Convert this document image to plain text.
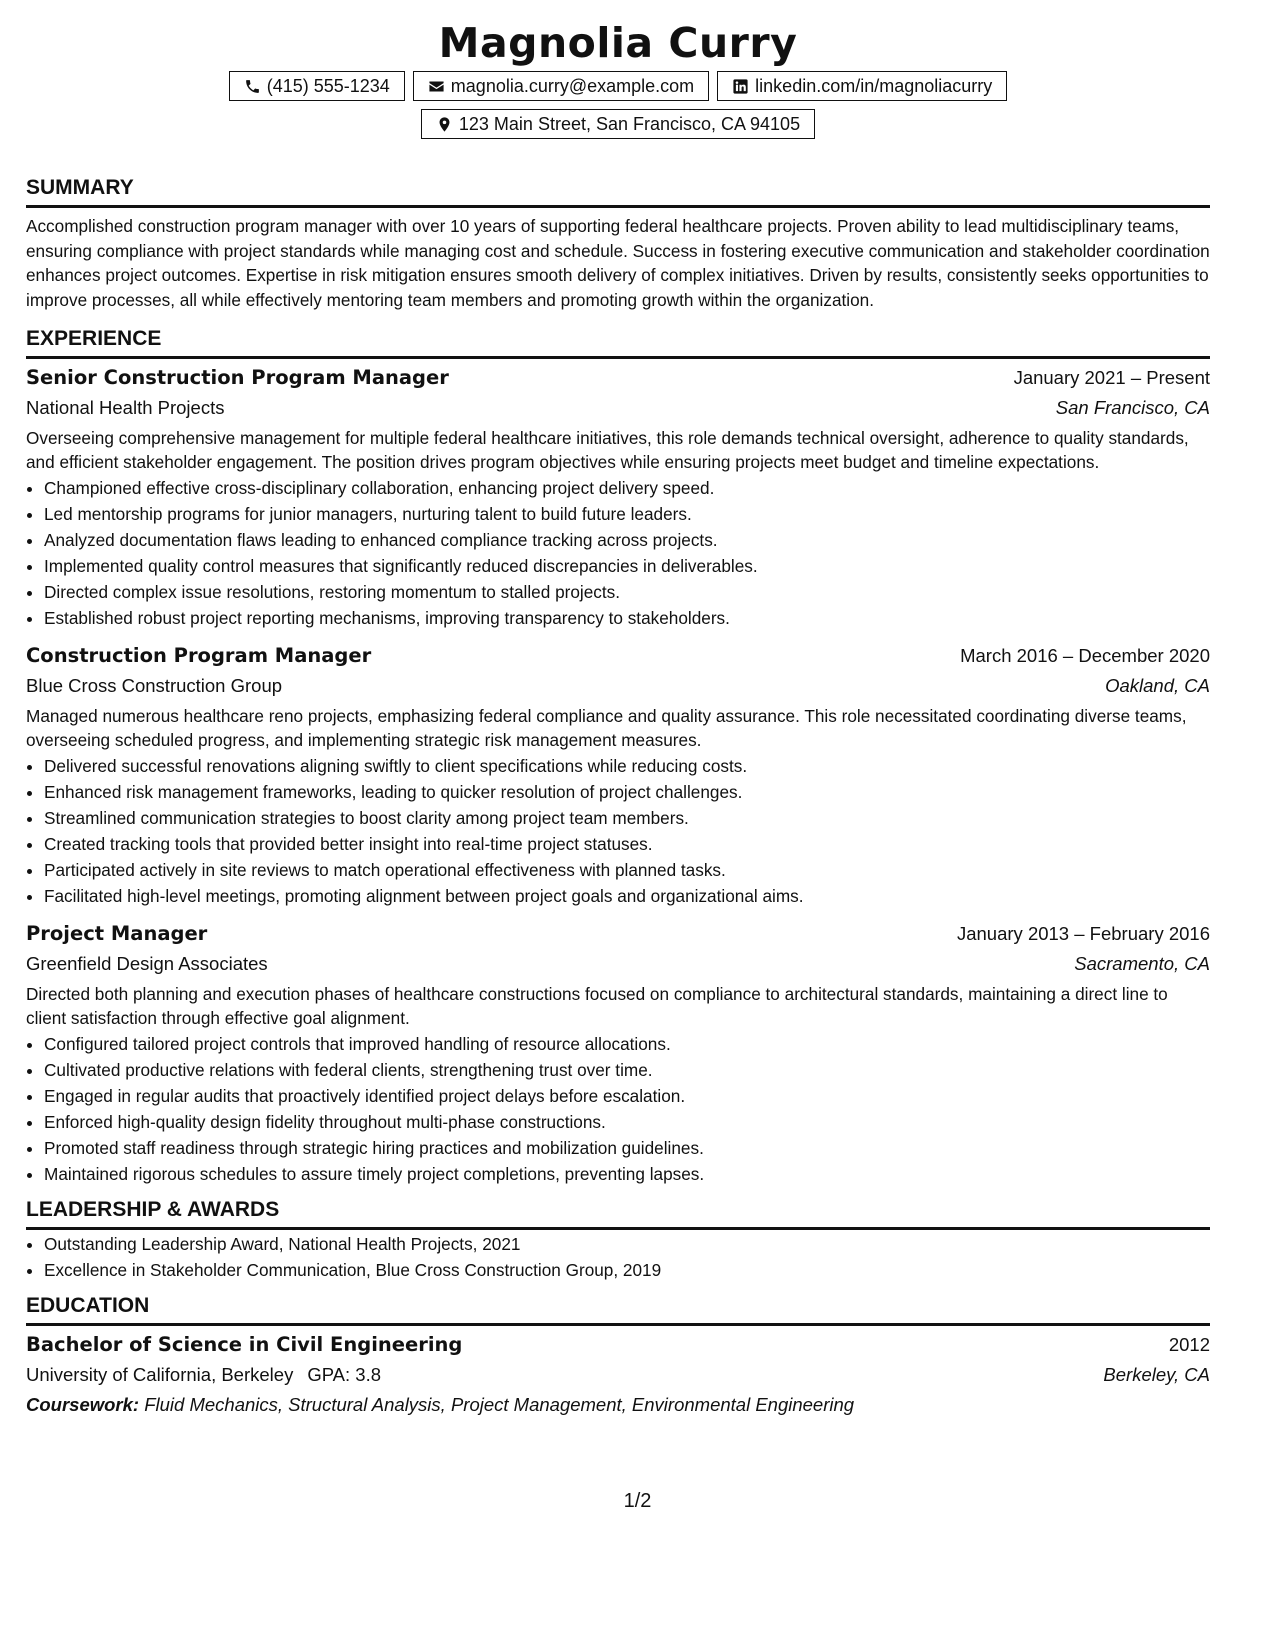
Magnolia Curry
(415) 555-1234	magnolia.curry@example.com	linkedin.com/in/magnoliacurry
123 Main Street, San Francisco, CA 94105
SUMMARY

Accomplished construction program manager with over 10 years of supporting federal healthcare projects. Proven ability to lead multidisciplinary teams, ensuring compliance with project standards while managing cost and schedule. Success in fostering executive communication and stakeholder coordination enhances project outcomes. Expertise in risk mitigation ensures smooth delivery of complex initiatives. Driven by results, consistently seeks opportunities to improve processes, all while effectively mentoring team members and promoting growth within the organization.

EXPERIENCE
Senior Construction Program Manager	January 2021 – Present
National Health Projects	San Francisco, CA

Overseeing comprehensive management for multiple federal healthcare initiatives, this role demands technical oversight, adherence to quality standards, and efficient stakeholder engagement. The position drives program objectives while ensuring projects meet budget and timeline expectations.

• Championed effective cross-disciplinary collaboration, enhancing project delivery speed.
• Led mentorship programs for junior managers, nurturing talent to build future leaders.
• Analyzed documentation flaws leading to enhanced compliance tracking across projects.
• Implemented quality control measures that significantly reduced discrepancies in deliverables.
• Directed complex issue resolutions, restoring momentum to stalled projects.
• Established robust project reporting mechanisms, improving transparency to stakeholders.
Construction Program Manager	March 2016 – December 2020
Blue Cross Construction Group	Oakland, CA

Managed numerous healthcare reno projects, emphasizing federal compliance and quality assurance. This role necessitated coordinating diverse teams, overseeing scheduled progress, and implementing strategic risk management measures.

• Delivered successful renovations aligning swiftly to client specifications while reducing costs.
• Enhanced risk management frameworks, leading to quicker resolution of project challenges.
• Streamlined communication strategies to boost clarity among project team members.
• Created tracking tools that provided better insight into real-time project statuses.
• Participated actively in site reviews to match operational effectiveness with planned tasks.
• Facilitated high-level meetings, promoting alignment between project goals and organizational aims.
Project Manager	January 2013 – February 2016
Greenfield Design Associates	Sacramento, CA

Directed both planning and execution phases of healthcare constructions focused on compliance to architectural standards, maintaining a direct line to client satisfaction through effective goal alignment.

• Configured tailored project controls that improved handling of resource allocations.
• Cultivated productive relations with federal clients, strengthening trust over time.
• Engaged in regular audits that proactively identified project delays before escalation.
• Enforced high-quality design fidelity throughout multi-phase constructions.
• Promoted staff readiness through strategic hiring practices and mobilization guidelines.
• Maintained rigorous schedules to assure timely project completions, preventing lapses.
LEADERSHIP & AWARDS
• Outstanding Leadership Award, National Health Projects, 2021
• Excellence in Stakeholder Communication, Blue Cross Construction Group, 2019
EDUCATION
Bachelor of Science in Civil Engineering	2012
University of California, Berkeley GPA: 3.8	Berkeley, CA
Coursework: Fluid Mechanics, Structural Analysis, Project Management, Environmental Engineering
1/2
